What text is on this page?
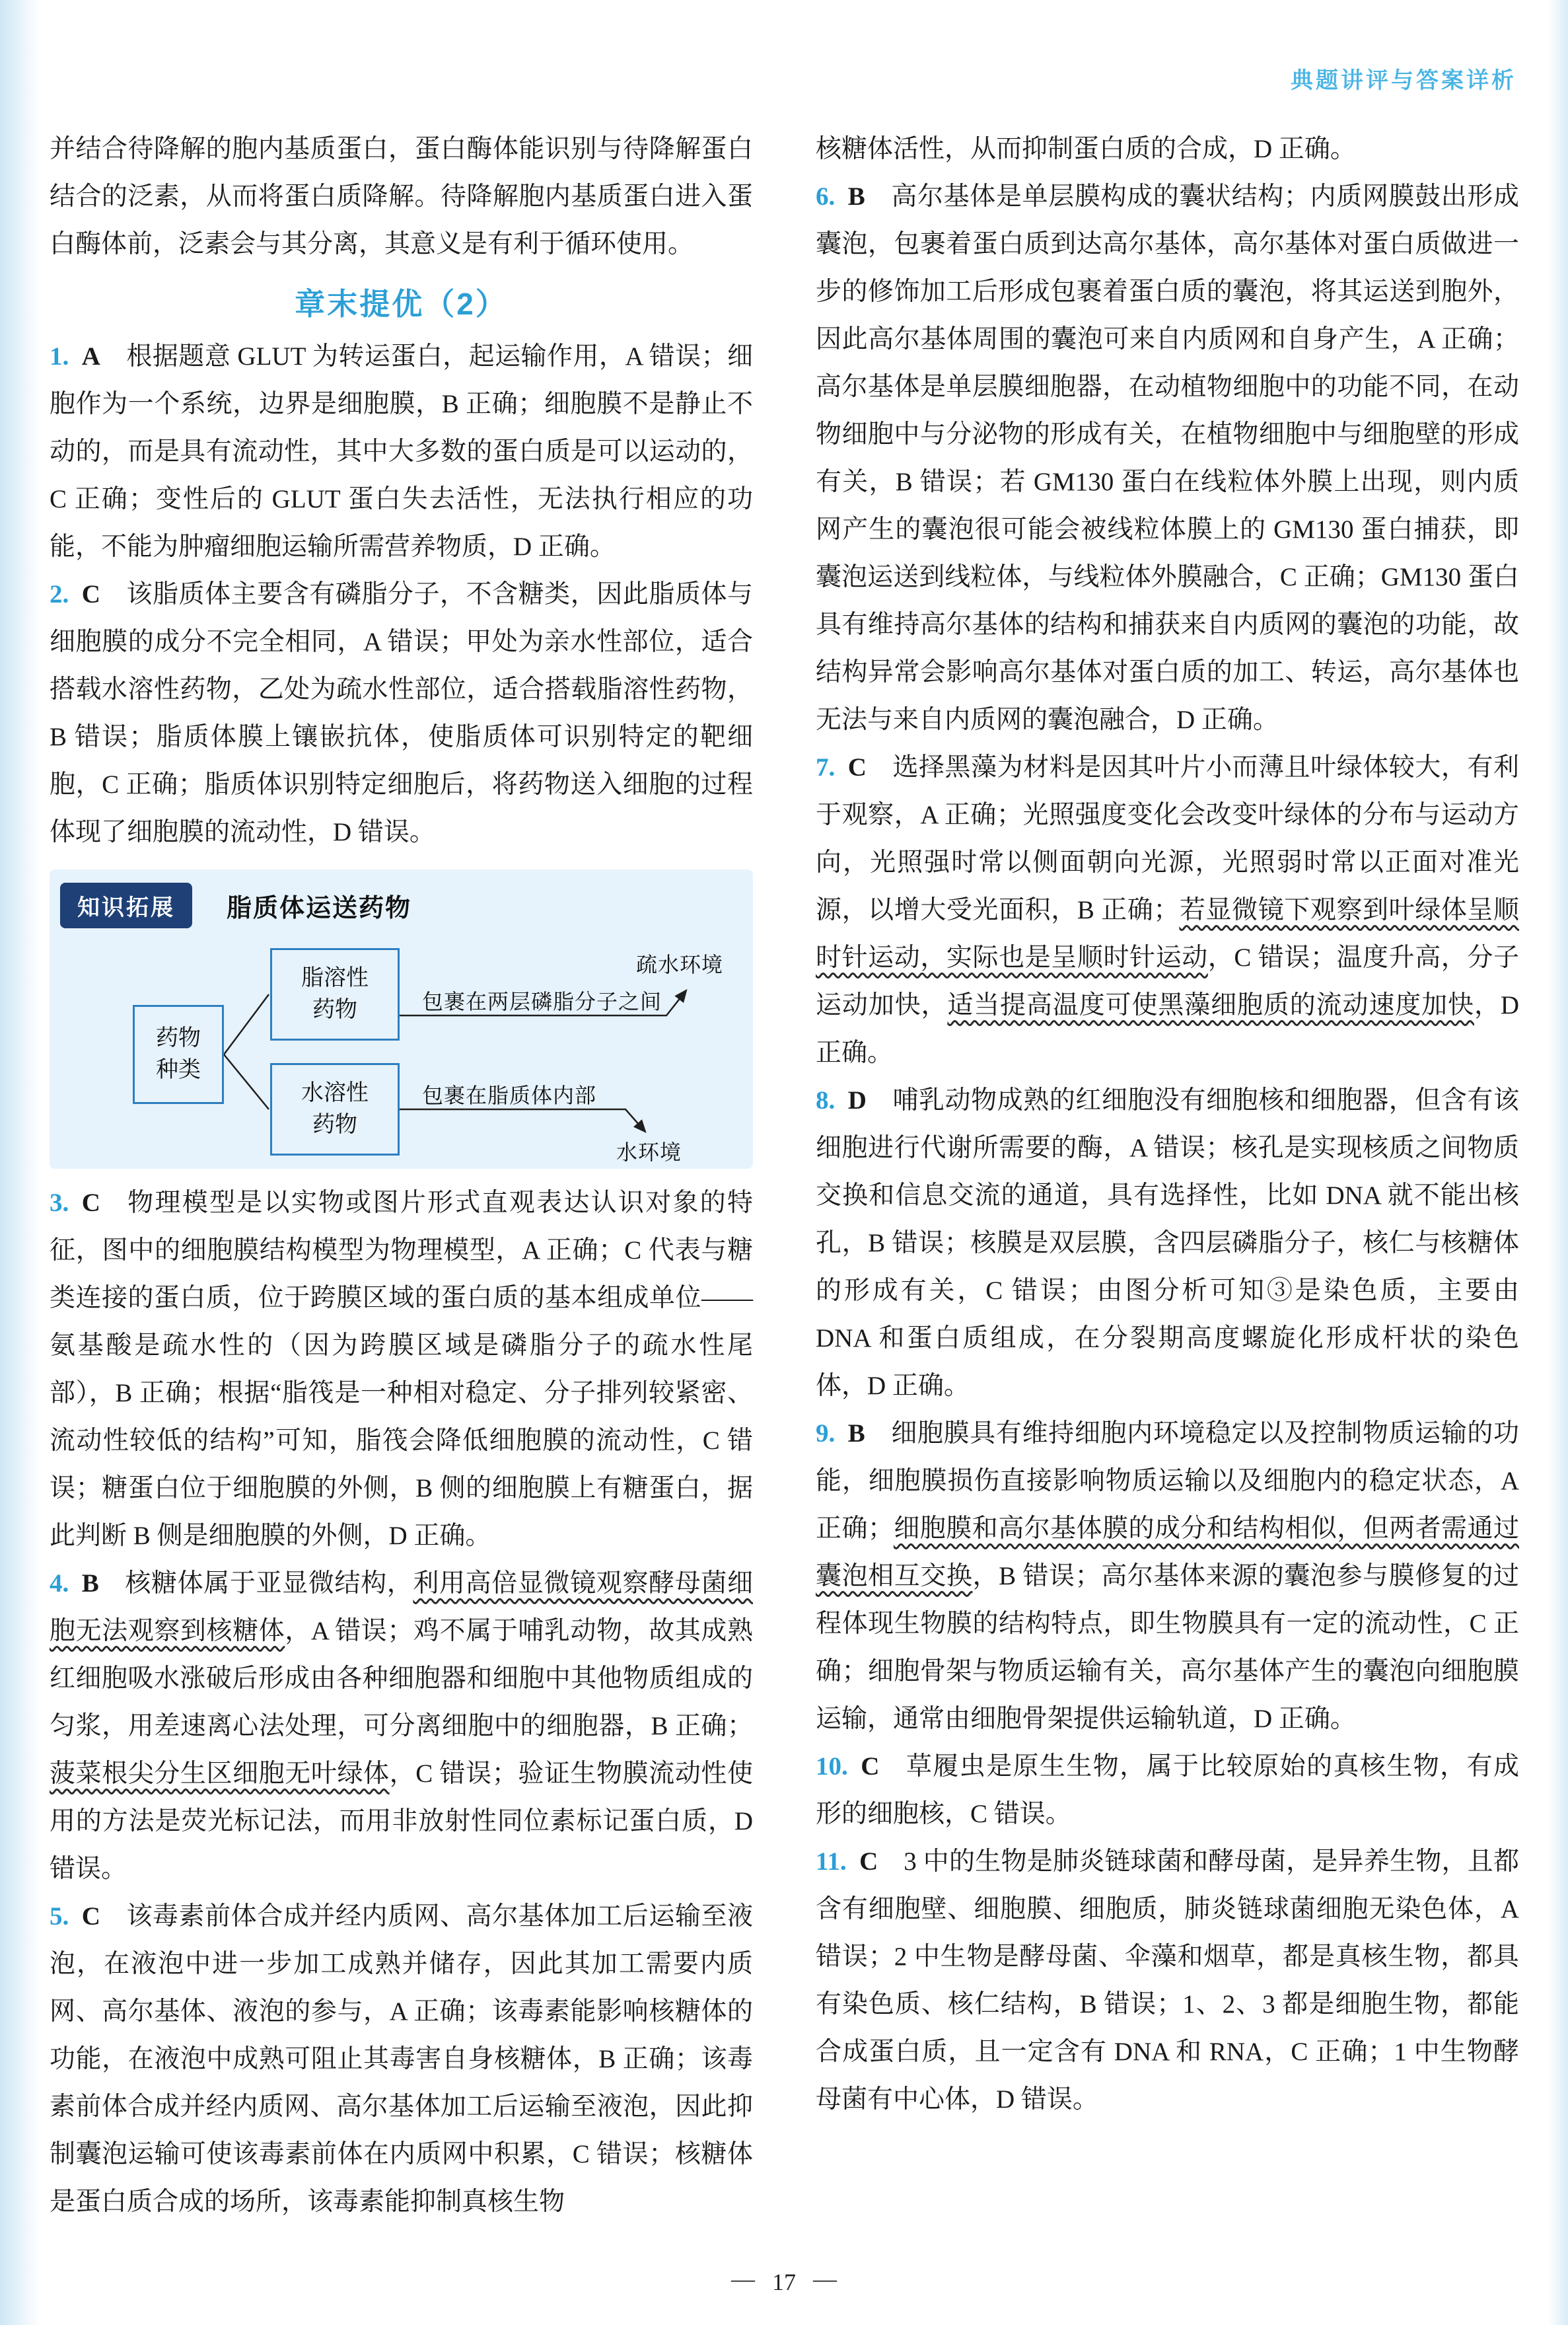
典题讲评与答案详析

并结合待降解的胞内基质蛋白，蛋白酶体能识别与待降解蛋白结合的泛素，从而将蛋白质降解。待降解胞内基质蛋白进入蛋白酶体前，泛素会与其分离，其意义是有利于循环使用。

章末提优（2）

1. A  根据题意 GLUT 为转运蛋白，起运输作用，A 错误；细胞作为一个系统，边界是细胞膜，B 正确；细胞膜不是静止不动的，而是具有流动性，其中大多数的蛋白质是可以运动的，C 正确；变性后的 GLUT 蛋白失去活性，无法执行相应的功能，不能为肿瘤细胞运输所需营养物质，D 正确。

2. C  该脂质体主要含有磷脂分子，不含糖类，因此脂质体与细胞膜的成分不完全相同，A 错误；甲处为亲水性部位，适合搭载水溶性药物，乙处为疏水性部位，适合搭载脂溶性药物，B 错误；脂质体膜上镶嵌抗体，使脂质体可识别特定的靶细胞，C 正确；脂质体识别特定细胞后，将药物送入细胞的过程体现了细胞膜的流动性，D 错误。

知识拓展	脂质体运送药物
药物种类
脂溶性药物
水溶性药物
包裹在两层磷脂分子之间
包裹在脂质体内部
疏水环境
水环境

3. C  物理模型是以实物或图片形式直观表达认识对象的特征，图中的细胞膜结构模型为物理模型，A 正确；C 代表与糖类连接的蛋白质，位于跨膜区域的蛋白质的基本组成单位——氨基酸是疏水性的（因为跨膜区域是磷脂分子的疏水性尾部），B 正确；根据“脂筏是一种相对稳定、分子排列较紧密、流动性较低的结构”可知，脂筏会降低细胞膜的流动性，C 错误；糖蛋白位于细胞膜的外侧，B 侧的细胞膜上有糖蛋白，据此判断 B 侧是细胞膜的外侧，D 正确。

4. B  核糖体属于亚显微结构，利用高倍显微镜观察酵母菌细胞无法观察到核糖体，A 错误；鸡不属于哺乳动物，故其成熟红细胞吸水涨破后形成由各种细胞器和细胞中其他物质组成的匀浆，用差速离心法处理，可分离细胞中的细胞器，B 正确；菠菜根尖分生区细胞无叶绿体，C 错误；验证生物膜流动性使用的方法是荧光标记法，而用非放射性同位素标记蛋白质，D 错误。

5. C  该毒素前体合成并经内质网、高尔基体加工后运输至液泡，在液泡中进一步加工成熟并储存，因此其加工需要内质网、高尔基体、液泡的参与，A 正确；该毒素能影响核糖体的功能，在液泡中成熟可阻止其毒害自身核糖体，B 正确；该毒素前体合成并经内质网、高尔基体加工后运输至液泡，因此抑制囊泡运输可使该毒素前体在内质网中积累，C 错误；核糖体是蛋白质合成的场所，该毒素能抑制真核生物

核糖体活性，从而抑制蛋白质的合成，D 正确。

6. B  高尔基体是单层膜构成的囊状结构；内质网膜鼓出形成囊泡，包裹着蛋白质到达高尔基体，高尔基体对蛋白质做进一步的修饰加工后形成包裹着蛋白质的囊泡，将其运送到胞外，因此高尔基体周围的囊泡可来自内质网和自身产生，A 正确；高尔基体是单层膜细胞器，在动植物细胞中的功能不同，在动物细胞中与分泌物的形成有关，在植物细胞中与细胞壁的形成有关，B 错误；若 GM130 蛋白在线粒体外膜上出现，则内质网产生的囊泡很可能会被线粒体膜上的 GM130 蛋白捕获，即囊泡运送到线粒体，与线粒体外膜融合，C 正确；GM130 蛋白具有维持高尔基体的结构和捕获来自内质网的囊泡的功能，故结构异常会影响高尔基体对蛋白质的加工、转运，高尔基体也无法与来自内质网的囊泡融合，D 正确。

7. C  选择黑藻为材料是因其叶片小而薄且叶绿体较大，有利于观察，A 正确；光照强度变化会改变叶绿体的分布与运动方向，光照强时常以侧面朝向光源，光照弱时常以正面对准光源，以增大受光面积，B 正确；若显微镜下观察到叶绿体呈顺时针运动，实际也是呈顺时针运动，C 错误；温度升高，分子运动加快，适当提高温度可使黑藻细胞质的流动速度加快，D 正确。

8. D  哺乳动物成熟的红细胞没有细胞核和细胞器，但含有该细胞进行代谢所需要的酶，A 错误；核孔是实现核质之间物质交换和信息交流的通道，具有选择性，比如 DNA 就不能出核孔，B 错误；核膜是双层膜，含四层磷脂分子，核仁与核糖体的形成有关，C 错误；由图分析可知③是染色质，主要由 DNA 和蛋白质组成，在分裂期高度螺旋化形成杆状的染色体，D 正确。

9. B  细胞膜具有维持细胞内环境稳定以及控制物质运输的功能，细胞膜损伤直接影响物质运输以及细胞内的稳定状态，A 正确；细胞膜和高尔基体膜的成分和结构相似，但两者需通过囊泡相互交换，B 错误；高尔基体来源的囊泡参与膜修复的过程体现生物膜的结构特点，即生物膜具有一定的流动性，C 正确；细胞骨架与物质运输有关，高尔基体产生的囊泡向细胞膜运输，通常由细胞骨架提供运输轨道，D 正确。

10. C  草履虫是原生生物，属于比较原始的真核生物，有成形的细胞核，C 错误。

11. C  3 中的生物是肺炎链球菌和酵母菌，是异养生物，且都含有细胞壁、细胞膜、细胞质，肺炎链球菌细胞无染色体，A 错误；2 中生物是酵母菌、伞藻和烟草，都是真核生物，都具有染色质、核仁结构，B 错误；1、2、3 都是细胞生物，都能合成蛋白质，且一定含有 DNA 和 RNA，C 正确；1 中生物酵母菌有中心体，D 错误。

— 17 —
